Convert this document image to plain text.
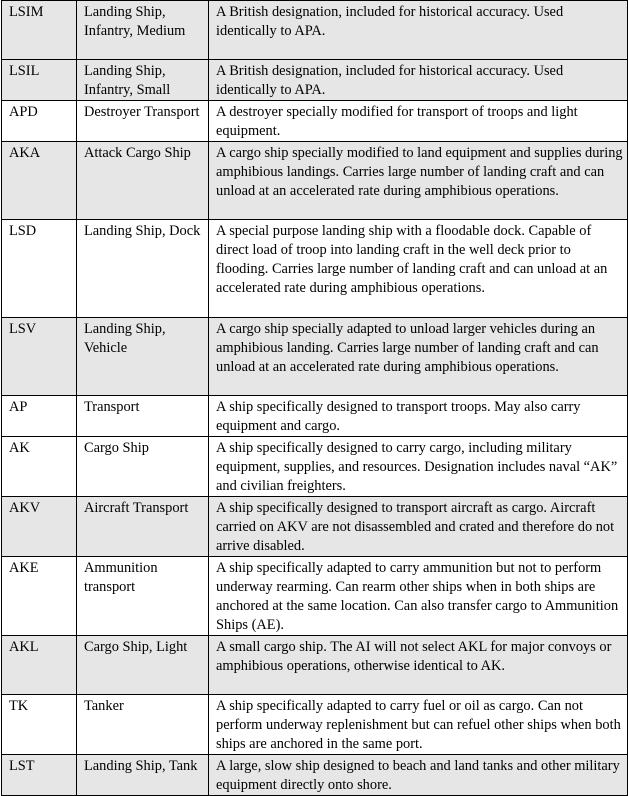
LSIM	Landing Ship, Infantry, Medium	A British designation, included for historical accuracy. Used identically to APA.
LSIL	Landing Ship, Infantry, Small	A British designation, included for historical accuracy. Used identically to APA.
APD	Destroyer Transport	A destroyer specially modified for transport of troops and light equipment.
AKA	Attack Cargo Ship	A cargo ship specially modified to land equipment and supplies during amphibious landings. Carries large number of landing craft and can unload at an accelerated rate during amphibious operations.
LSD	Landing Ship, Dock	A special purpose landing ship with a floodable dock. Capable of direct load of troop into landing craft in the well deck prior to flooding. Carries large number of landing craft and can unload at an accelerated rate during amphibious operations.
LSV	Landing Ship, Vehicle	A cargo ship specially adapted to unload larger vehicles during an amphibious landing. Carries large number of landing craft and can unload at an accelerated rate during amphibious operations.
AP	Transport	A ship specifically designed to transport troops. May also carry equipment and cargo.
AK	Cargo Ship	A ship specifically designed to carry cargo, including military equipment, supplies, and resources. Designation includes naval “AK” and civilian freighters.
AKV	Aircraft Transport	A ship specifically designed to transport aircraft as cargo. Aircraft carried on AKV are not disassembled and crated and therefore do not arrive disabled.
AKE	Ammunition transport	A ship specifically adapted to carry ammunition but not to perform underway rearming. Can rearm other ships when in both ships are anchored at the same location. Can also transfer cargo to Ammunition Ships (AE).
AKL	Cargo Ship, Light	A small cargo ship. The AI will not select AKL for major convoys or amphibious operations, otherwise identical to AK.
TK	Tanker	A ship specifically adapted to carry fuel or oil as cargo. Can not perform underway replenishment but can refuel other ships when both ships are anchored in the same port.
LST	Landing Ship, Tank	A large, slow ship designed to beach and land tanks and other military equipment directly onto shore.
